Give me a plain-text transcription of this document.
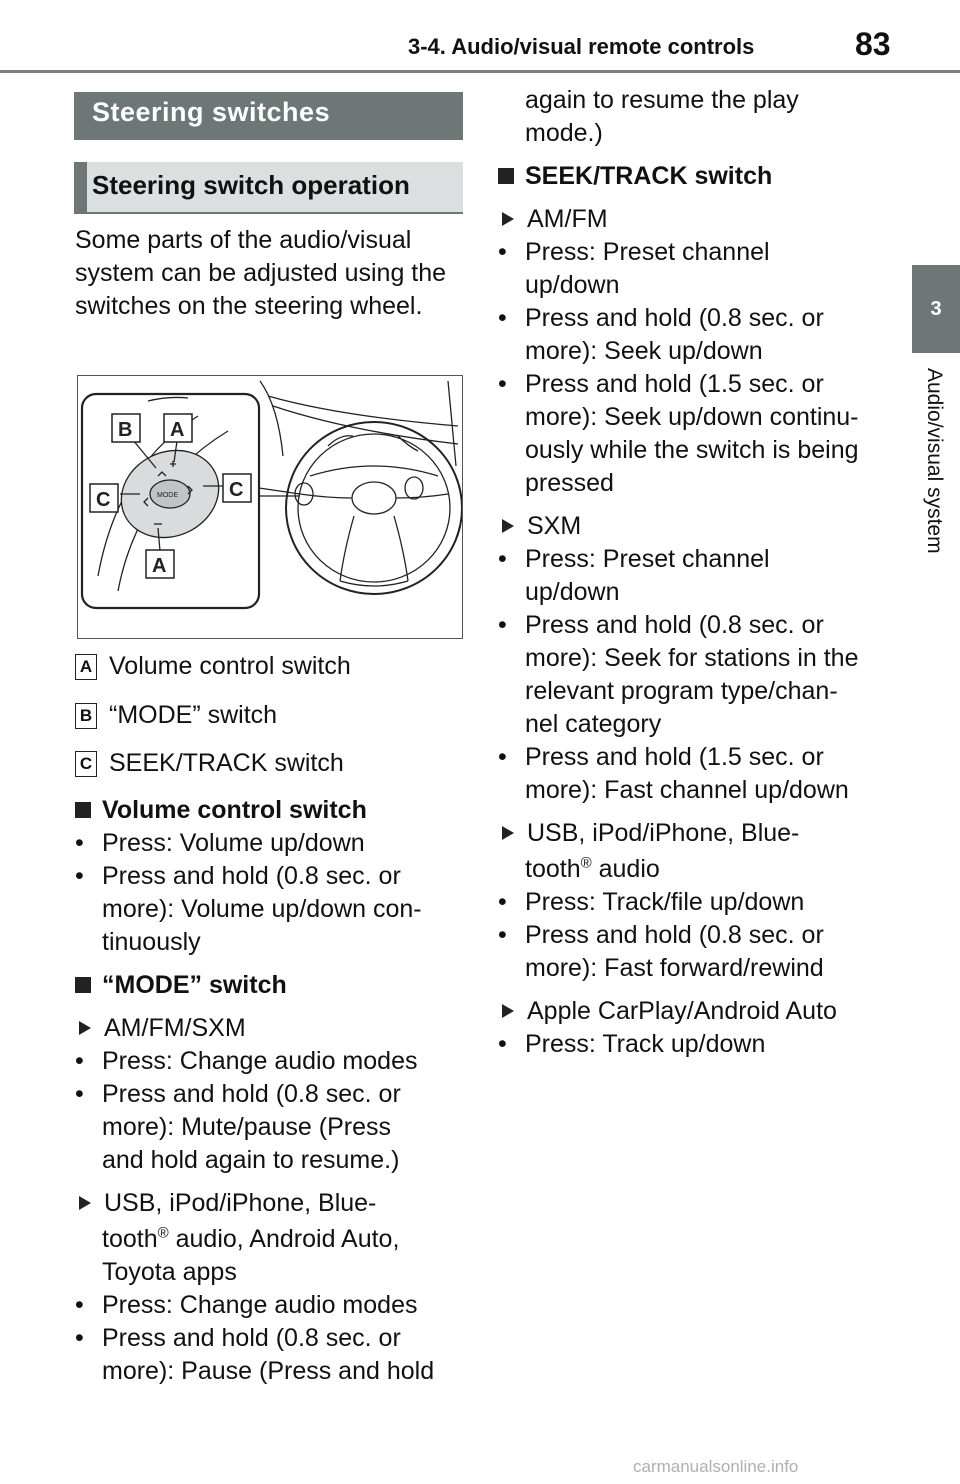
3-4. Audio/visual remote controls	83
3
Audio/visual system
Steering switches
Steering switch operation
Some parts of the audio/visual system can be adjusted using the switches on the steering wheel.
MODE
B A
C	C
A
A Volume control switch
B “MODE” switch
C SEEK/TRACK switch
Volume control switch
• Press: Volume up/down
• Press and hold (0.8 sec. or
more): Volume up/down con-
tinuously
“MODE” switch
AM/FM/SXM
• Press: Change audio modes
• Press and hold (0.8 sec. or
more): Mute/pause (Press
and hold again to resume.)
USB, iPod/iPhone, Blue-
tooth® audio, Android Auto,
Toyota apps
• Press: Change audio modes
• Press and hold (0.8 sec. or
more): Pause (Press and hold
again to resume the play
mode.)
SEEK/TRACK switch
AM/FM
• Press: Preset channel
up/down
• Press and hold (0.8 sec. or
more): Seek up/down
• Press and hold (1.5 sec. or
more): Seek up/down continu-
ously while the switch is being
pressed
SXM
• Press: Preset channel
up/down
• Press and hold (0.8 sec. or
more): Seek for stations in the
relevant program type/chan-
nel category
• Press and hold (1.5 sec. or
more): Fast channel up/down
USB, iPod/iPhone, Blue-
tooth® audio
• Press: Track/file up/down
• Press and hold (0.8 sec. or
more): Fast forward/rewind
Apple CarPlay/Android Auto
• Press: Track up/down
carmanualsonline.info
